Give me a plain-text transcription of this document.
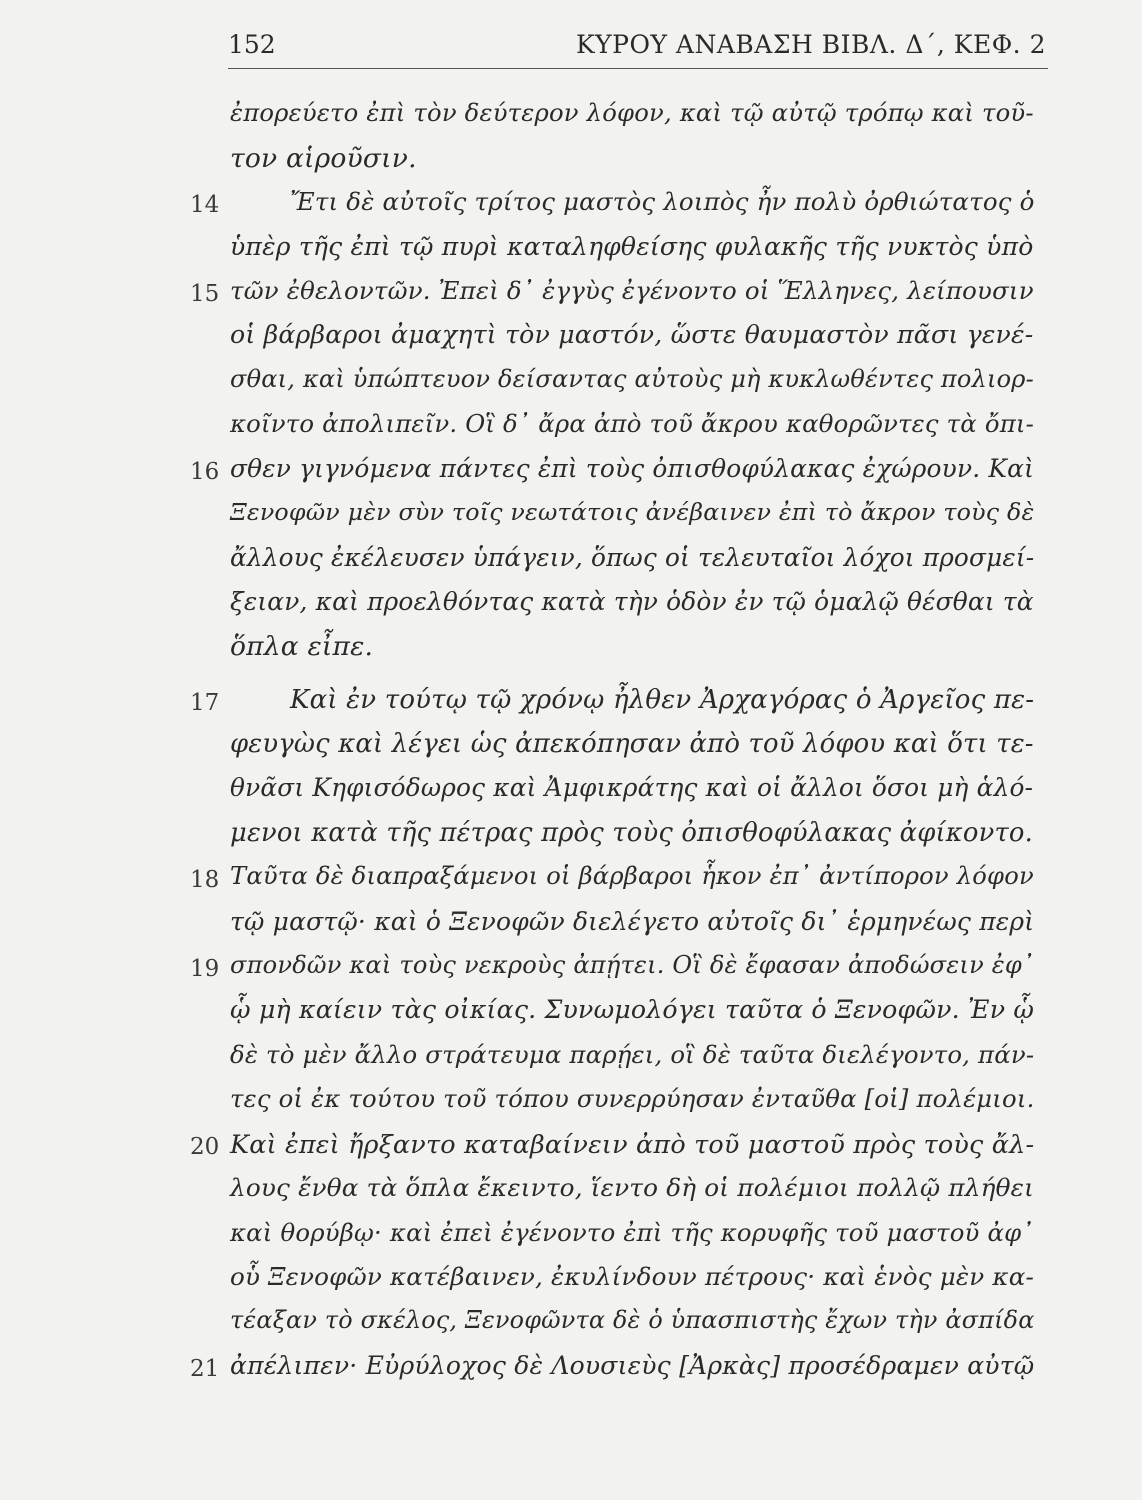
152	ΚΥΡΟΥ ΑΝΑΒΑΣΗ ΒΙΒΛ. Δ΄, ΚΕΦ. 2
ἐπορεύετο ἐπὶ τὸν δεύτερον λόφον, καὶ τῷ αὐτῷ τρόπῳ καὶ τοῦ-
τον αἱροῦσιν.
Ἔτι δὲ αὐτοῖς τρίτος μαστὸς λοιπὸς ἦν πολὺ ὀρθιώτατος ὁ
ὑπὲρ τῆς ἐπὶ τῷ πυρὶ καταληφθείσης φυλακῆς τῆς νυκτὸς ὑπὸ
τῶν ἐθελοντῶν. Ἐπεὶ δ᾽ ἐγγὺς ἐγένοντο οἱ Ἕλληνες, λείπουσιν
οἱ βάρβαροι ἀμαχητὶ τὸν μαστόν, ὥστε θαυμαστὸν πᾶσι γενέ-
σθαι, καὶ ὑπώπτευον δείσαντας αὐτοὺς μὴ κυκλωθέντες πολιορ-
κοῖντο ἀπολιπεῖν. Οἳ δ᾽ ἄρα ἀπὸ τοῦ ἄκρου καθορῶντες τὰ ὄπι-
σθεν γιγνόμενα πάντες ἐπὶ τοὺς ὀπισθοφύλακας ἐχώρουν. Καὶ
Ξενοφῶν μὲν σὺν τοῖς νεωτάτοις ἀνέβαινεν ἐπὶ τὸ ἄκρον τοὺς δὲ
ἄλλους ἐκέλευσεν ὑπάγειν, ὅπως οἱ τελευταῖοι λόχοι προσμεί-
ξειαν, καὶ προελθόντας κατὰ τὴν ὁδὸν ἐν τῷ ὁμαλῷ θέσθαι τὰ
ὅπλα εἶπε.
Καὶ ἐν τούτῳ τῷ χρόνῳ ἦλθεν Ἀρχαγόρας ὁ Ἀργεῖος πε-
φευγὼς καὶ λέγει ὡς ἀπεκόπησαν ἀπὸ τοῦ λόφου καὶ ὅτι τε-
θνᾶσι Κηφισόδωρος καὶ Ἀμφικράτης καὶ οἱ ἄλλοι ὅσοι μὴ ἁλό-
μενοι κατὰ τῆς πέτρας πρὸς τοὺς ὀπισθοφύλακας ἀφίκοντο.
Ταῦτα δὲ διαπραξάμενοι οἱ βάρβαροι ἧκον ἐπ᾽ ἀντίπορον λόφον
τῷ μαστῷ· καὶ ὁ Ξενοφῶν διελέγετο αὐτοῖς δι᾽ ἑρμηνέως περὶ
σπονδῶν καὶ τοὺς νεκροὺς ἀπῄτει. Οἳ δὲ ἔφασαν ἀποδώσειν ἐφ᾽
ᾧ μὴ καίειν τὰς οἰκίας. Συνωμολόγει ταῦτα ὁ Ξενοφῶν. Ἐν ᾧ
δὲ τὸ μὲν ἄλλο στράτευμα παρῄει, οἳ δὲ ταῦτα διελέγοντο, πάν-
τες οἱ ἐκ τούτου τοῦ τόπου συνερρύησαν ἐνταῦθα [οἱ] πολέμιοι.
Καὶ ἐπεὶ ἤρξαντο καταβαίνειν ἀπὸ τοῦ μαστοῦ πρὸς τοὺς ἄλ-
λους ἔνθα τὰ ὅπλα ἔκειντο, ἵεντο δὴ οἱ πολέμιοι πολλῷ πλήθει
καὶ θορύβῳ· καὶ ἐπεὶ ἐγένοντο ἐπὶ τῆς κορυφῆς τοῦ μαστοῦ ἀφ᾽
οὗ Ξενοφῶν κατέβαινεν, ἐκυλίνδουν πέτρους· καὶ ἑνὸς μὲν κα-
τέαξαν τὸ σκέλος, Ξενοφῶντα δὲ ὁ ὑπασπιστὴς ἔχων τὴν ἀσπίδα
ἀπέλιπεν· Εὐρύλοχος δὲ Λουσιεὺς [Ἀρκὰς] προσέδραμεν αὐτῷ
14
15
16
17
18
19
20
21
